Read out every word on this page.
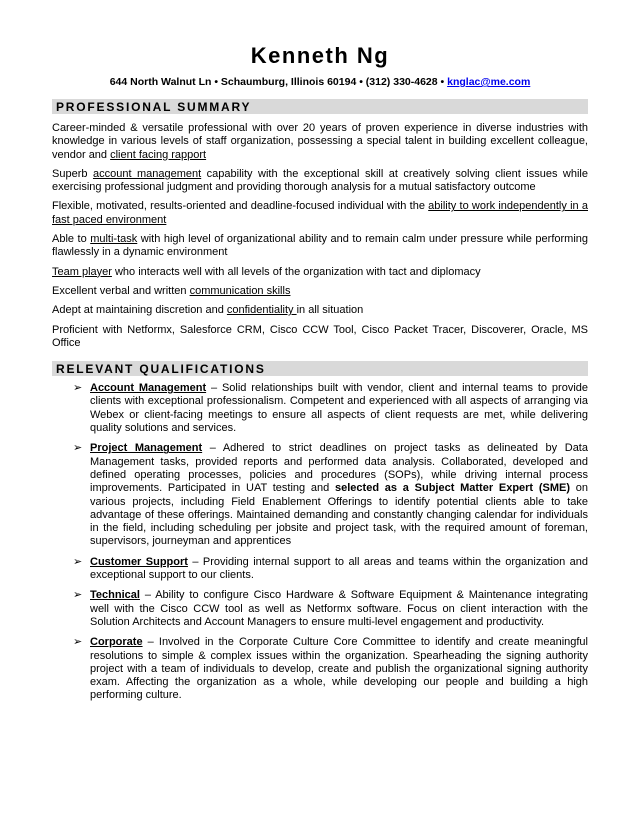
Kenneth Ng
644 North Walnut Ln • Schaumburg, Illinois 60194 • (312) 330-4628 • knglac@me.com
PROFESSIONAL SUMMARY

Career-minded & versatile professional with over 20 years of proven experience in diverse industries with knowledge in various levels of staff organization, possessing a special talent in building excellent colleague, vendor and client facing rapport

Superb account management capability with the exceptional skill at creatively solving client issues while exercising professional judgment and providing thorough analysis for a mutual satisfactory outcome

Flexible, motivated, results-oriented and deadline-focused individual with the ability to work independently in a fast paced environment

Able to multi-task with high level of organizational ability and to remain calm under pressure while performing flawlessly in a dynamic environment

Team player who interacts well with all levels of the organization with tact and diplomacy

Excellent verbal and written communication skills

Adept at maintaining discretion and confidentiality in all situation

Proficient with Netformx, Salesforce CRM, Cisco CCW Tool, Cisco Packet Tracer, Discoverer, Oracle, MS Office

RELEVANT QUALIFICATIONS
➢ Account Management – Solid relationships built with vendor, client and internal teams to provide clients with exceptional professionalism. Competent and experienced with all aspects of arranging via Webex or client-facing meetings to ensure all aspects of client requests are met, while delivering quality solutions and services.
➢ Project Management – Adhered to strict deadlines on project tasks as delineated by Data Management tasks, provided reports and performed data analysis. Collaborated, developed and defined operating processes, policies and procedures (SOPs), while driving internal process improvements. Participated in UAT testing and selected as a Subject Matter Expert (SME) on various projects, including Field Enablement Offerings to identify potential clients able to take advantage of these offerings. Maintained demanding and constantly changing calendar for individuals in the field, including scheduling per jobsite and project task, with the required amount of foreman, supervisors, journeyman and apprentices
➢ Customer Support – Providing internal support to all areas and teams within the organization and exceptional support to our clients.
➢ Technical – Ability to configure Cisco Hardware & Software Equipment & Maintenance integrating well with the Cisco CCW tool as well as Netformx software. Focus on client interaction with the Solution Architects and Account Managers to ensure multi-level engagement and productivity.
➢ Corporate – Involved in the Corporate Culture Core Committee to identify and create meaningful resolutions to simple & complex issues within the organization. Spearheading the signing authority project with a team of individuals to develop, create and publish the organizational signing authority exam. Affecting the organization as a whole, while developing our people and building a high performing culture.
